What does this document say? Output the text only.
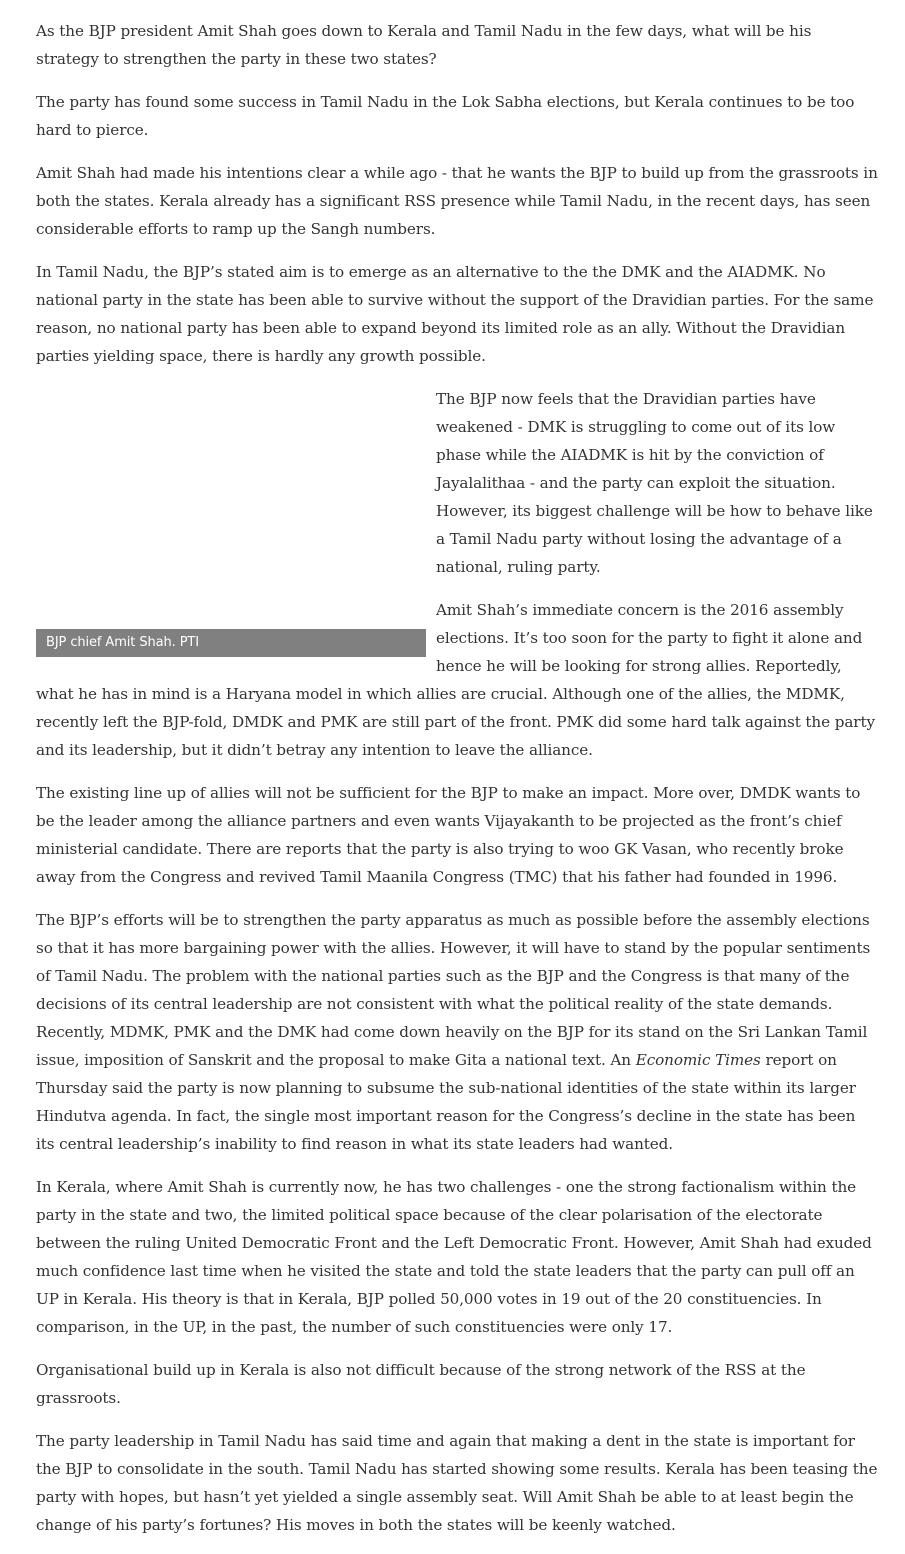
As the BJP president Amit Shah goes down to Kerala and Tamil Nadu in the few days, what will be his strategy to strengthen the party in these two states?

The party has found some success in Tamil Nadu in the Lok Sabha elections, but Kerala continues to be too hard to pierce.

Amit Shah had made his intentions clear a while ago - that he wants the BJP to build up from the grassroots in both the states. Kerala already has a significant RSS presence while Tamil Nadu, in the recent days, has seen considerable efforts to ramp up the Sangh numbers.

In Tamil Nadu, the BJP’s stated aim is to emerge as an alternative to the the DMK and the AIADMK. No national party in the state has been able to survive without the support of the Dravidian parties. For the same reason, no national party has been able to expand beyond its limited role as an ally. Without the Dravidian parties yielding space, there is hardly any growth possible.

BJP chief Amit Shah. PTI

The BJP now feels that the Dravidian parties have weakened - DMK is struggling to come out of its low phase while the AIADMK is hit by the conviction of Jayalalithaa - and the party can exploit the situation. However, its biggest challenge will be how to behave like a Tamil Nadu party without losing the advantage of a national, ruling party.

Amit Shah’s immediate concern is the 2016 assembly elections. It’s too soon for the party to fight it alone and hence he will be looking for strong allies. Reportedly, what he has in mind is a Haryana model in which allies are crucial. Although one of the allies, the MDMK, recently left the BJP-fold, DMDK and PMK are still part of the front. PMK did some hard talk against the party and its leadership, but it didn’t betray any intention to leave the alliance.

The existing line up of allies will not be sufficient for the BJP to make an impact. More over, DMDK wants to be the leader among the alliance partners and even wants Vijayakanth to be projected as the front’s chief ministerial candidate. There are reports that the party is also trying to woo GK Vasan, who recently broke away from the Congress and revived Tamil Maanila Congress (TMC) that his father had founded in 1996.

The BJP’s efforts will be to strengthen the party apparatus as much as possible before the assembly elections so that it has more bargaining power with the allies. However, it will have to stand by the popular sentiments of Tamil Nadu. The problem with the national parties such as the BJP and the Congress is that many of the decisions of its central leadership are not consistent with what the political reality of the state demands. Recently, MDMK, PMK and the DMK had come down heavily on the BJP for its stand on the Sri Lankan Tamil issue, imposition of Sanskrit and the proposal to make Gita a national text. An Economic Times report on Thursday said the party is now planning to subsume the sub-national identities of the state within its larger Hindutva agenda. In fact, the single most important reason for the Congress’s decline in the state has been its central leadership’s inability to find reason in what its state leaders had wanted.

In Kerala, where Amit Shah is currently now, he has two challenges - one the strong factionalism within the party in the state and two, the limited political space because of the clear polarisation of the electorate between the ruling United Democratic Front and the Left Democratic Front. However, Amit Shah had exuded much confidence last time when he visited the state and told the state leaders that the party can pull off an UP in Kerala. His theory is that in Kerala, BJP polled 50,000 votes in 19 out of the 20 constituencies. In comparison, in the UP, in the past, the number of such constituencies were only 17.

Organisational build up in Kerala is also not difficult because of the strong network of the RSS at the grassroots.

The party leadership in Tamil Nadu has said time and again that making a dent in the state is important for the BJP to consolidate in the south. Tamil Nadu has started showing some results. Kerala has been teasing the party with hopes, but hasn’t yet yielded a single assembly seat. Will Amit Shah be able to at least begin the change of his party’s fortunes? His moves in both the states will be keenly watched.
